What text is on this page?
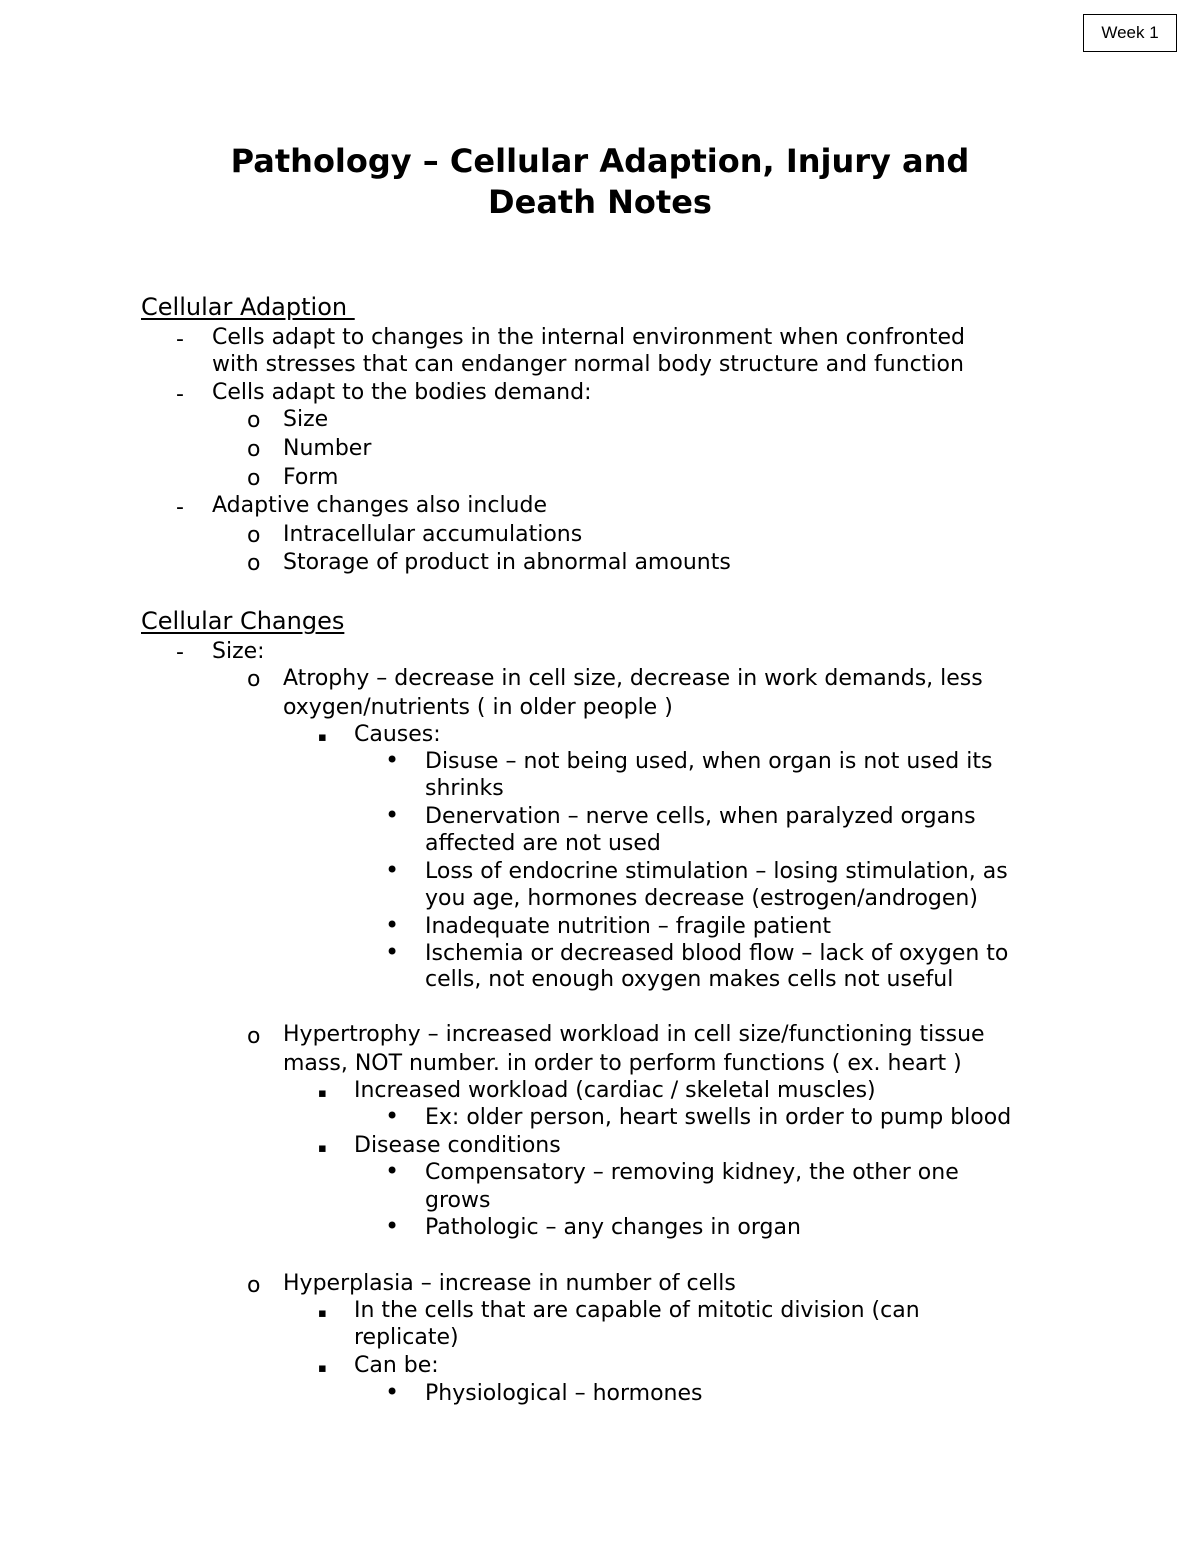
Week 1
Pathology – Cellular Adaption, Injury and
Death Notes
Cellular Adaption
- Cells adapt to changes in the internal environment when confronted
with stresses that can endanger normal body structure and function
- Cells adapt to the bodies demand:
o Size
o Number
o Form
- Adaptive changes also include
o Intracellular accumulations
o Storage of product in abnormal amounts
Cellular Changes
- Size:
o Atrophy – decrease in cell size, decrease in work demands, less
oxygen/nutrients ( in older people )
▪ Causes:
• Disuse – not being used, when organ is not used its
shrinks
• Denervation – nerve cells, when paralyzed organs
affected are not used
• Loss of endocrine stimulation – losing stimulation, as
you age, hormones decrease (estrogen/androgen)
• Inadequate nutrition – fragile patient
• Ischemia or decreased blood flow – lack of oxygen to
cells, not enough oxygen makes cells not useful
o Hypertrophy – increased workload in cell size/functioning tissue
mass, NOT number. in order to perform functions ( ex. heart )
▪ Increased workload (cardiac / skeletal muscles)
• Ex: older person, heart swells in order to pump blood
▪ Disease conditions
• Compensatory – removing kidney, the other one
grows
• Pathologic – any changes in organ
o Hyperplasia – increase in number of cells
▪ In the cells that are capable of mitotic division (can
replicate)
▪ Can be:
• Physiological – hormones
